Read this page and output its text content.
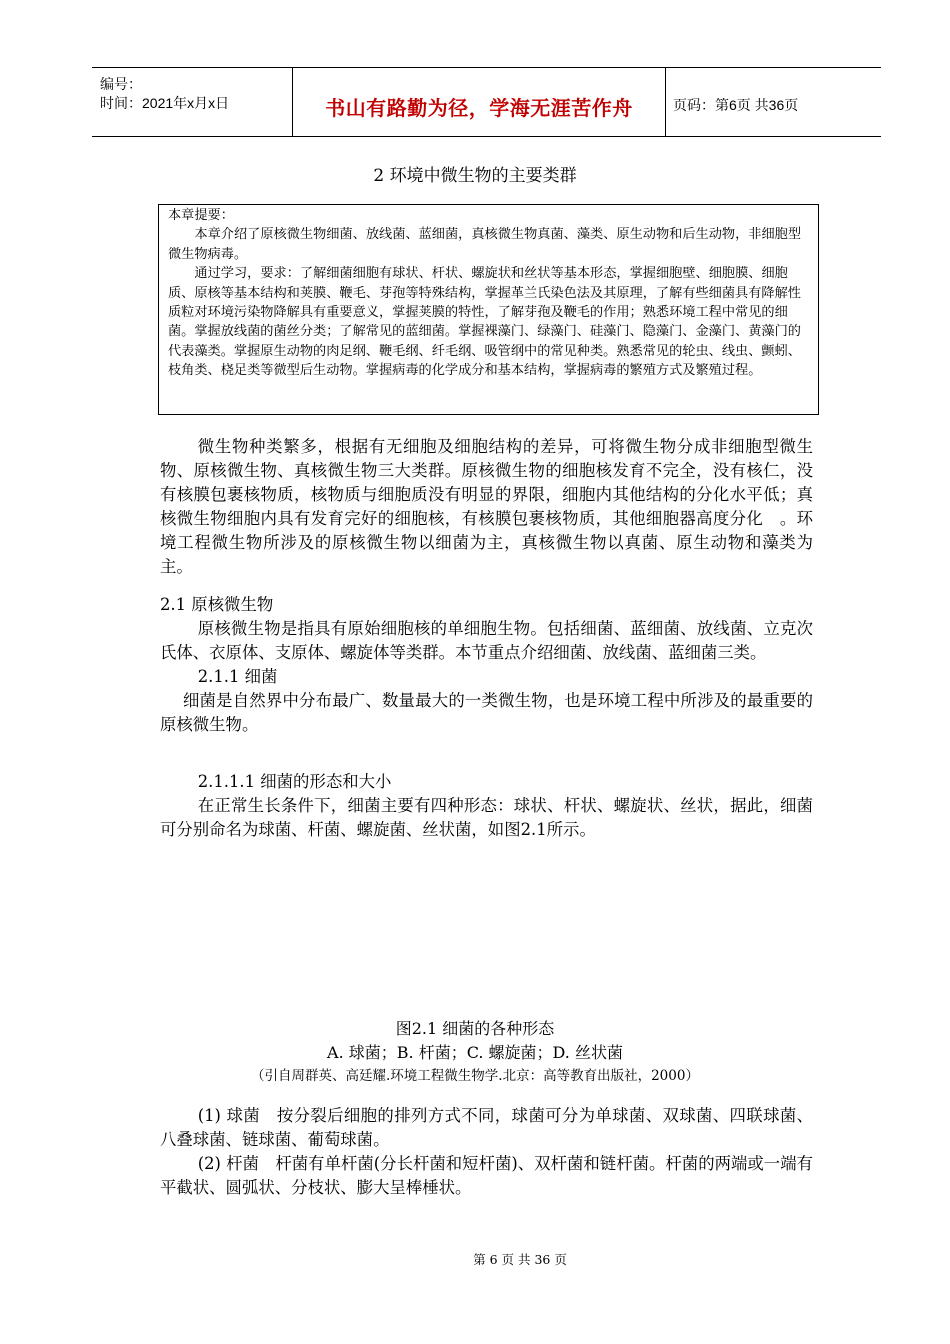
编号：
时间：2021年x月x日	书山有路勤为径，学海无涯苦作舟	页码：第6页 共36页
2 环境中微生物的主要类群

本章提要：

本章介绍了原核微生物细菌、放线菌、蓝细菌，真核微生物真菌、藻类、原生动物和后生动物，非细胞型微生物病毒。

通过学习，要求：了解细菌细胞有球状、杆状、螺旋状和丝状等基本形态，掌握细胞壁、细胞膜、细胞质、原核等基本结构和荚膜、鞭毛、芽孢等特殊结构，掌握革兰氏染色法及其原理，了解有些细菌具有降解性质粒对环境污染物降解具有重要意义，掌握荚膜的特性，了解芽孢及鞭毛的作用；熟悉环境工程中常见的细菌。掌握放线菌的菌丝分类；了解常见的蓝细菌。掌握裸藻门、绿藻门、硅藻门、隐藻门、金藻门、黄藻门的代表藻类。掌握原生动物的肉足纲、鞭毛纲、纤毛纲、吸管纲中的常见种类。熟悉常见的轮虫、线虫、颤蚓、枝角类、桡足类等微型后生动物。掌握病毒的化学成分和基本结构，掌握病毒的繁殖方式及繁殖过程。

微生物种类繁多，根据有无细胞及细胞结构的差异，可将微生物分成非细胞型微生物、原核微生物、真核微生物三大类群。原核微生物的细胞核发育不完全，没有核仁，没有核膜包裹核物质，核物质与细胞质没有明显的界限，细胞内其他结构的分化水平低；真核微生物细胞内具有发育完好的细胞核，有核膜包裹核物质，其他细胞器高度分化　。环境工程微生物所涉及的原核微生物以细菌为主，真核微生物以真菌、原生动物和藻类为主。

2.1 原核微生物

原核微生物是指具有原始细胞核的单细胞生物。包括细菌、蓝细菌、放线菌、立克次氏体、衣原体、支原体、螺旋体等类群。本节重点介绍细菌、放线菌、蓝细菌三类。

2.1.1 细菌

细菌是自然界中分布最广、数量最大的一类微生物，也是环境工程中所涉及的最重要的原核微生物。

2.1.1.1 细菌的形态和大小

在正常生长条件下，细菌主要有四种形态：球状、杆状、螺旋状、丝状，据此，细菌可分别命名为球菌、杆菌、螺旋菌、丝状菌，如图2.1所示。

图2.1 细菌的各种形态
A. 球菌；B. 杆菌；C. 螺旋菌；D. 丝状菌
（引自周群英、高廷耀.环境工程微生物学.北京：高等教育出版社，2000）

(1) 球菌　按分裂后细胞的排列方式不同，球菌可分为单球菌、双球菌、四联球菌、八叠球菌、链球菌、葡萄球菌。

(2) 杆菌　杆菌有单杆菌(分长杆菌和短杆菌)、双杆菌和链杆菌。杆菌的两端或一端有平截状、圆弧状、分枝状、膨大呈棒棰状。

第 6 页 共 36 页
